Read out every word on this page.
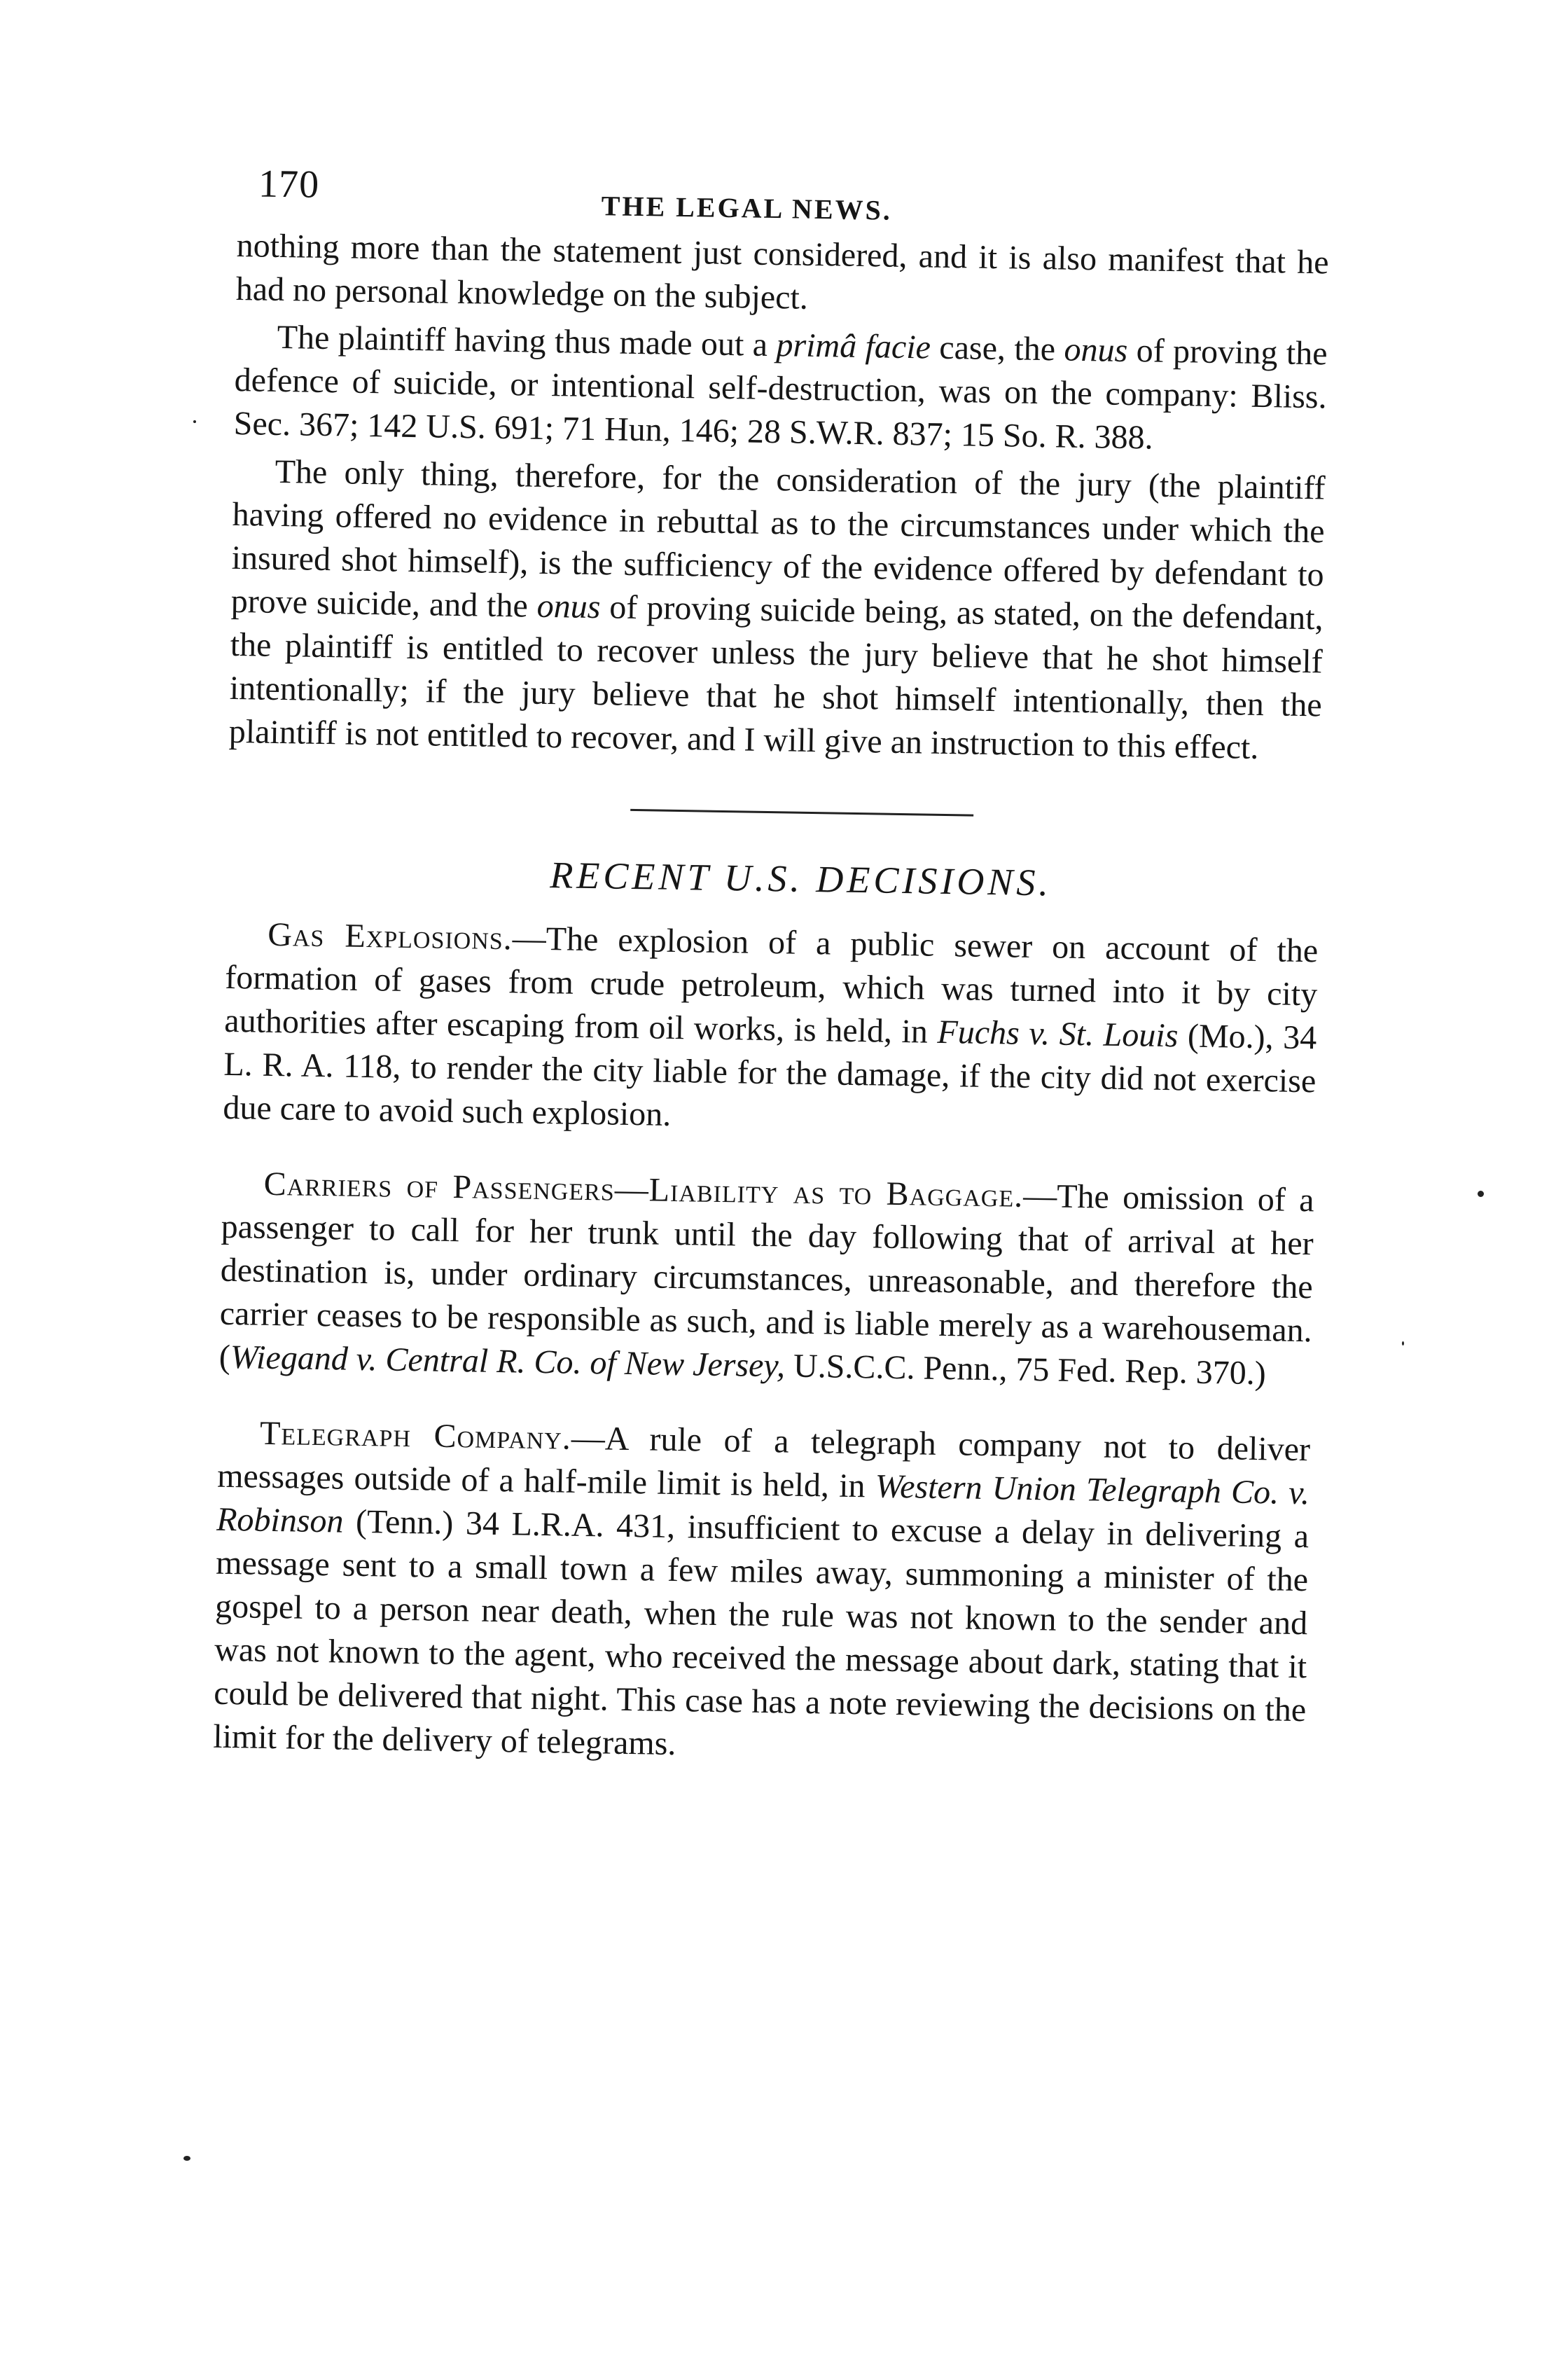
170
THE LEGAL NEWS.

nothing more than the statement just considered, and it is also manifest that he had no personal knowledge on the subject.

The plaintiff having thus made out a primâ facie case, the onus of proving the defence of suicide, or intentional self-destruction, was on the company: Bliss. Sec. 367; 142 U.S. 691; 71 Hun, 146; 28 S.W.R. 837; 15 So. R. 388.

The only thing, therefore, for the consideration of the jury (the plaintiff having offered no evidence in rebuttal as to the circumstances under which the insured shot himself), is the sufficiency of the evidence offered by defendant to prove suicide, and the onus of proving suicide being, as stated, on the defendant, the plaintiff is entitled to recover unless the jury believe that he shot himself intentionally; if the jury believe that he shot himself intentionally, then the plaintiff is not entitled to recover, and I will give an instruction to this effect.

RECENT U.S. DECISIONS.

Gas Explosions.—The explosion of a public sewer on account of the formation of gases from crude petroleum, which was turned into it by city authorities after escaping from oil works, is held, in Fuchs v. St. Louis (Mo.), 34 L. R. A. 118, to render the city liable for the damage, if the city did not exercise due care to avoid such explosion.

Carriers of Passengers—Liability as to Baggage.—The omission of a passenger to call for her trunk until the day following that of arrival at her destination is, under ordinary circumstances, unreasonable, and therefore the carrier ceases to be responsible as such, and is liable merely as a warehouseman. (Wiegand v. Central R. Co. of New Jersey, U.S.C.C. Penn., 75 Fed. Rep. 370.)

Telegraph Company.—A rule of a telegraph company not to deliver messages outside of a half-mile limit is held, in Western Union Telegraph Co. v. Robinson (Tenn.) 34 L.R.A. 431, insufficient to excuse a delay in delivering a message sent to a small town a few miles away, summoning a minister of the gospel to a person near death, when the rule was not known to the sender and was not known to the agent, who received the message about dark, stating that it could be delivered that night. This case has a note reviewing the decisions on the limit for the delivery of telegrams.
